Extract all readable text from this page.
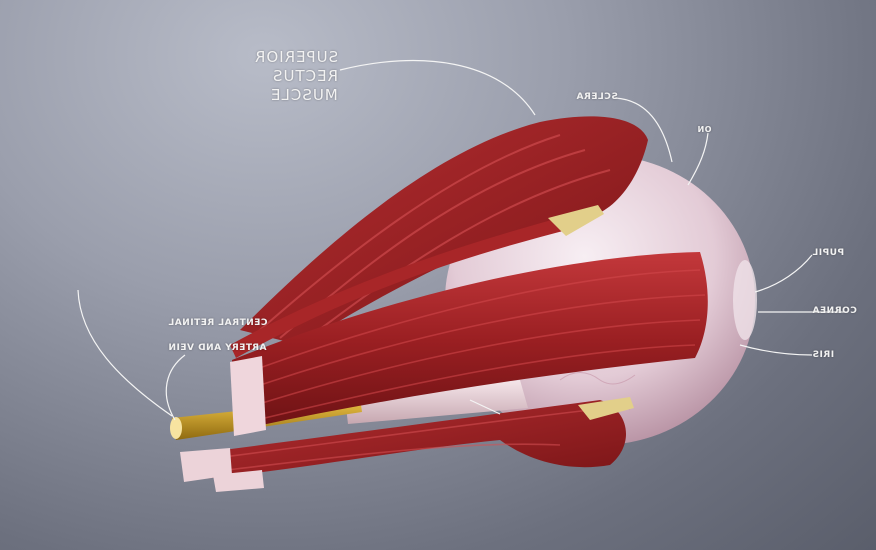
SUPERIOR
RECTUS
MUSCLE	SCLERA
ON
PUPIL
CORNEA
IRIS
CENTRAL RETINAL
ARTERY AND VEIN
